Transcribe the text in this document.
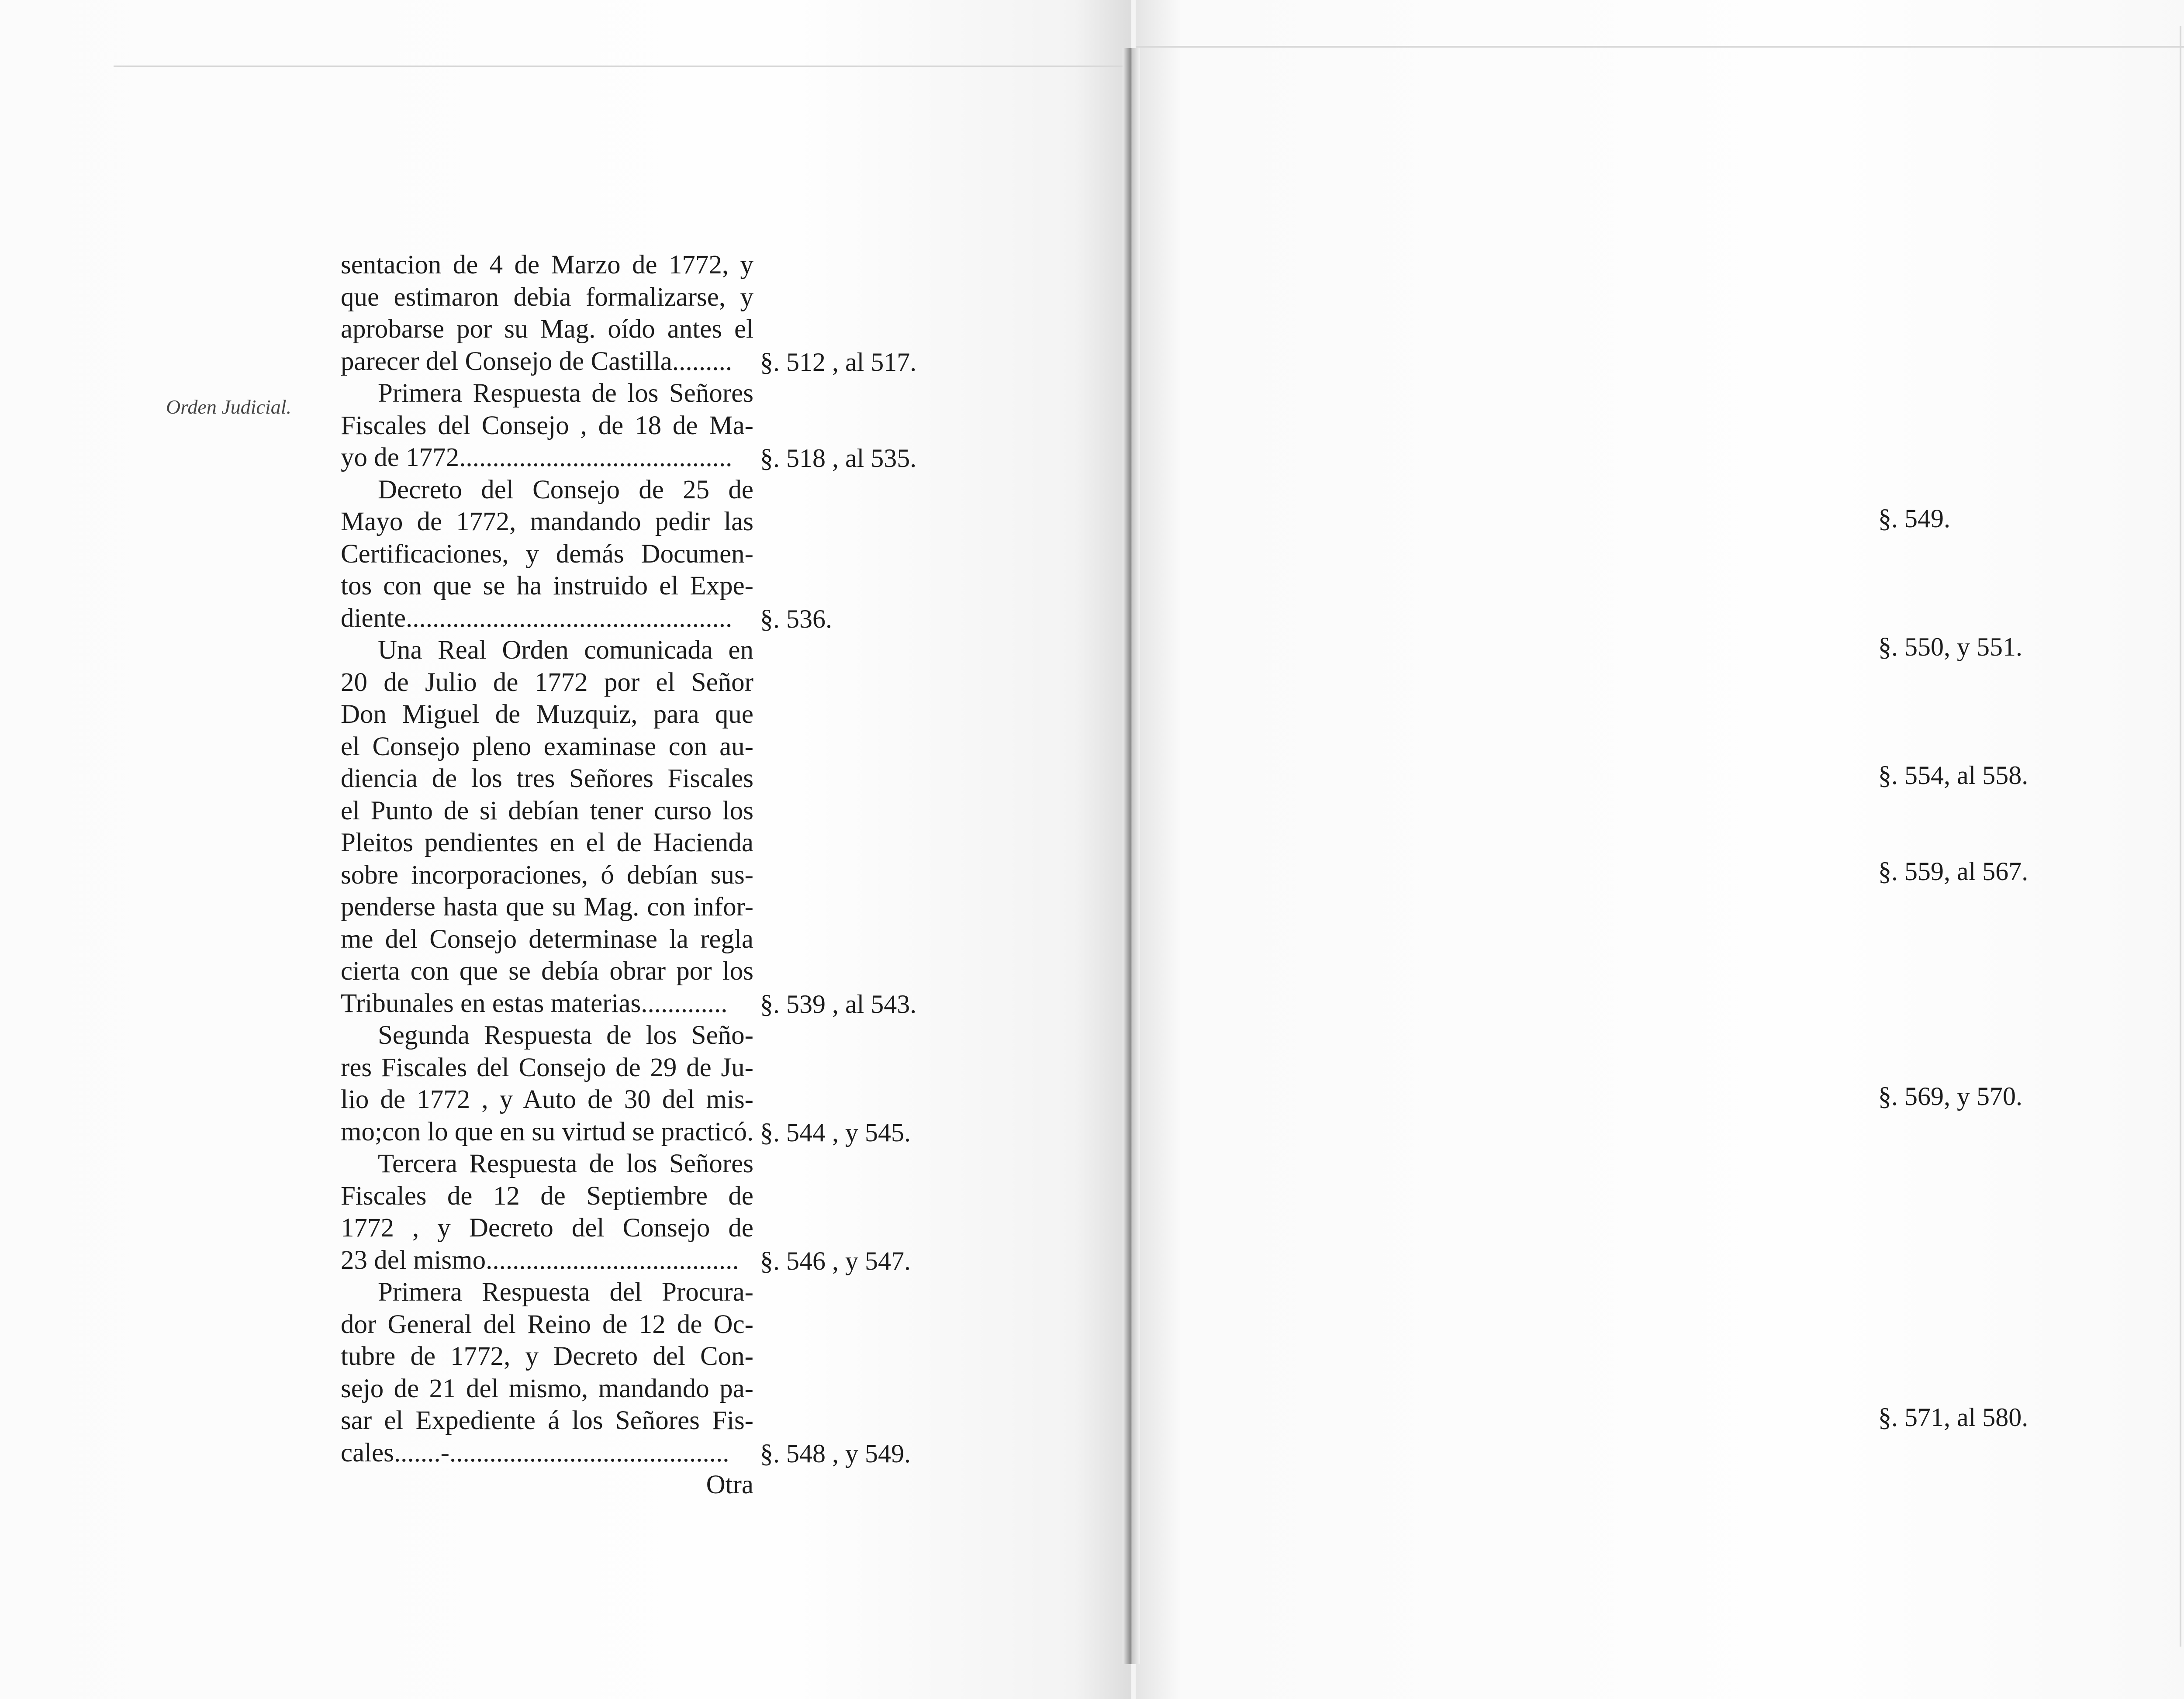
Orden Judicial.
sentacion de 4 de Marzo de 1772, y
que estimaron debia formalizarse, y
aprobarse por su Mag. oído antes el
parecer del Consejo de Castilla.........
Primera Respuesta de los Señores
Fiscales del Consejo , de 18 de Ma-
yo de 1772.........................................
Decreto del Consejo de 25 de
Mayo de 1772, mandando pedir las
Certificaciones, y demás Documen-
tos con que se ha instruido el Expe-
diente.................................................
Una Real Orden comunicada en
20 de Julio de 1772 por el Señor
Don Miguel de Muzquiz, para que
el Consejo pleno examinase con au-
diencia de los tres Señores Fiscales
el Punto de si debían tener curso los
Pleitos pendientes en el de Hacienda
sobre incorporaciones, ó debían sus-
penderse hasta que su Mag. con infor-
me del Consejo determinase la regla
cierta con que se debía obrar por los
Tribunales en estas materias.............
Segunda Respuesta de los Seño-
res Fiscales del Consejo de 29 de Ju-
lio de 1772 , y Auto de 30 del mis-
mo;con lo que en su virtud se practicó.
Tercera Respuesta de los Señores
Fiscales de 12 de Septiembre de
1772 , y Decreto del Consejo de
23 del mismo......................................
Primera Respuesta del Procura-
dor General del Reino de 12 de Oc-
tubre de 1772, y Decreto del Con-
sejo de 21 del mismo, mandando pa-
sar el Expediente á los Señores Fis-
cales.......-..........................................
Otra
§. 512 , al 517.
§. 518 , al 535.
§. 536.
§. 539 , al 543.
§. 544 , y 545.
§. 546 , y 547.
§. 548 , y 549.
§. 549.
§. 550, y 551.
§. 554, al 558.
§. 559, al 567.
§. 569, y 570.
§. 571, al 580.
